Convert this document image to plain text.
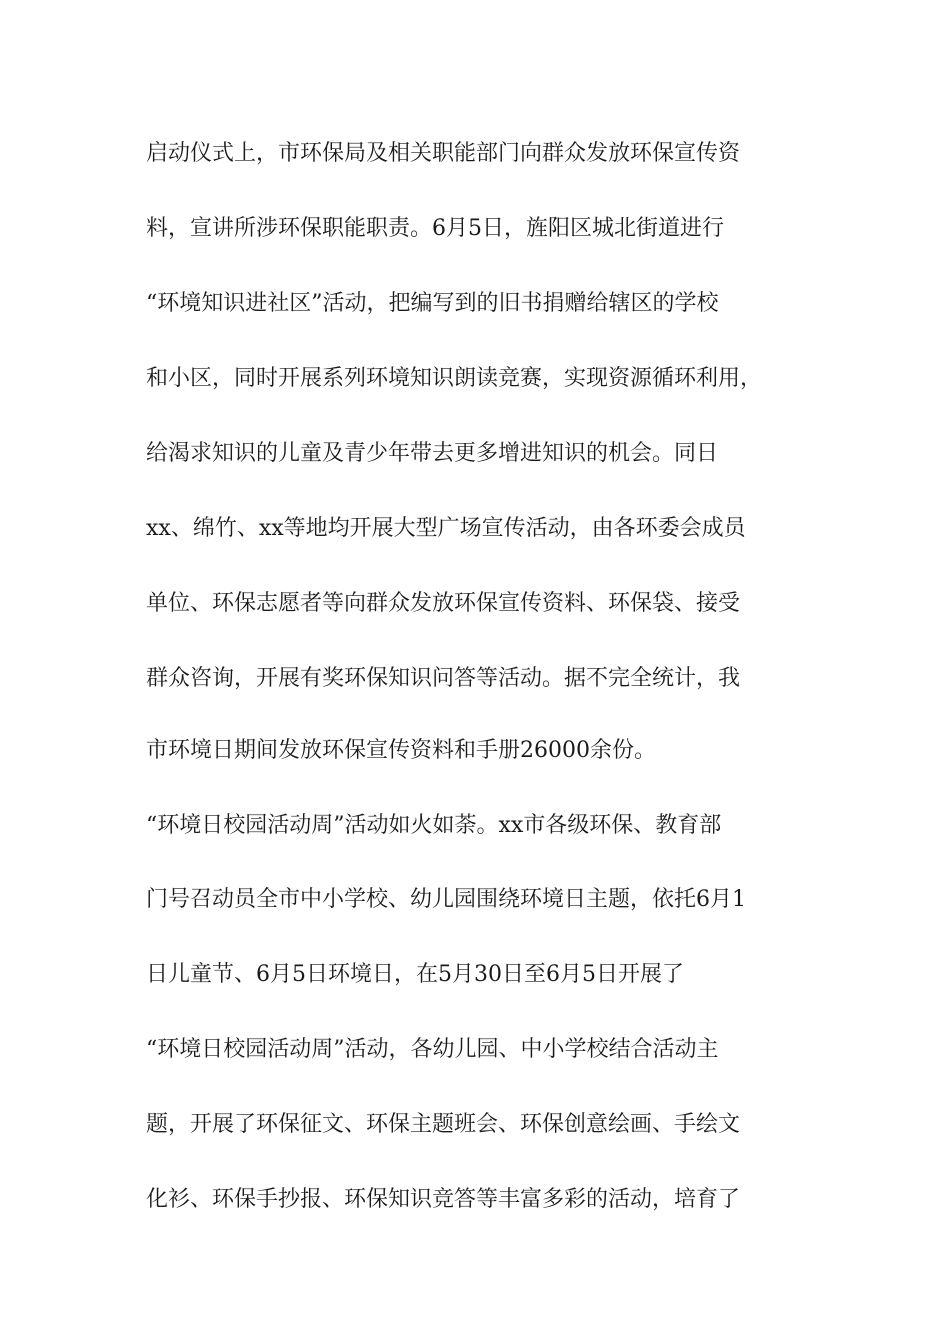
启动仪式上，市环保局及相关职能部门向群众发放环保宣传资
料，宣讲所涉环保职能职责。6月5日，旌阳区城北街道进行
“环境知识进社区”活动，把编写到的旧书捐赠给辖区的学校
和小区，同时开展系列环境知识朗读竞赛，实现资源循环利用，
给渴求知识的儿童及青少年带去更多增进知识的机会。同日
xx、绵竹、xx等地均开展大型广场宣传活动，由各环委会成员
单位、环保志愿者等向群众发放环保宣传资料、环保袋、接受
群众咨询，开展有奖环保知识问答等活动。据不完全统计，我
市环境日期间发放环保宣传资料和手册26000余份。
“环境日校园活动周”活动如火如荼。xx市各级环保、教育部
门号召动员全市中小学校、幼儿园围绕环境日主题，依托6月1
日儿童节、6月5日环境日，在5月30日至6月5日开展了
“环境日校园活动周”活动，各幼儿园、中小学校结合活动主
题，开展了环保征文、环保主题班会、环保创意绘画、手绘文
化衫、环保手抄报、环保知识竞答等丰富多彩的活动，培育了
